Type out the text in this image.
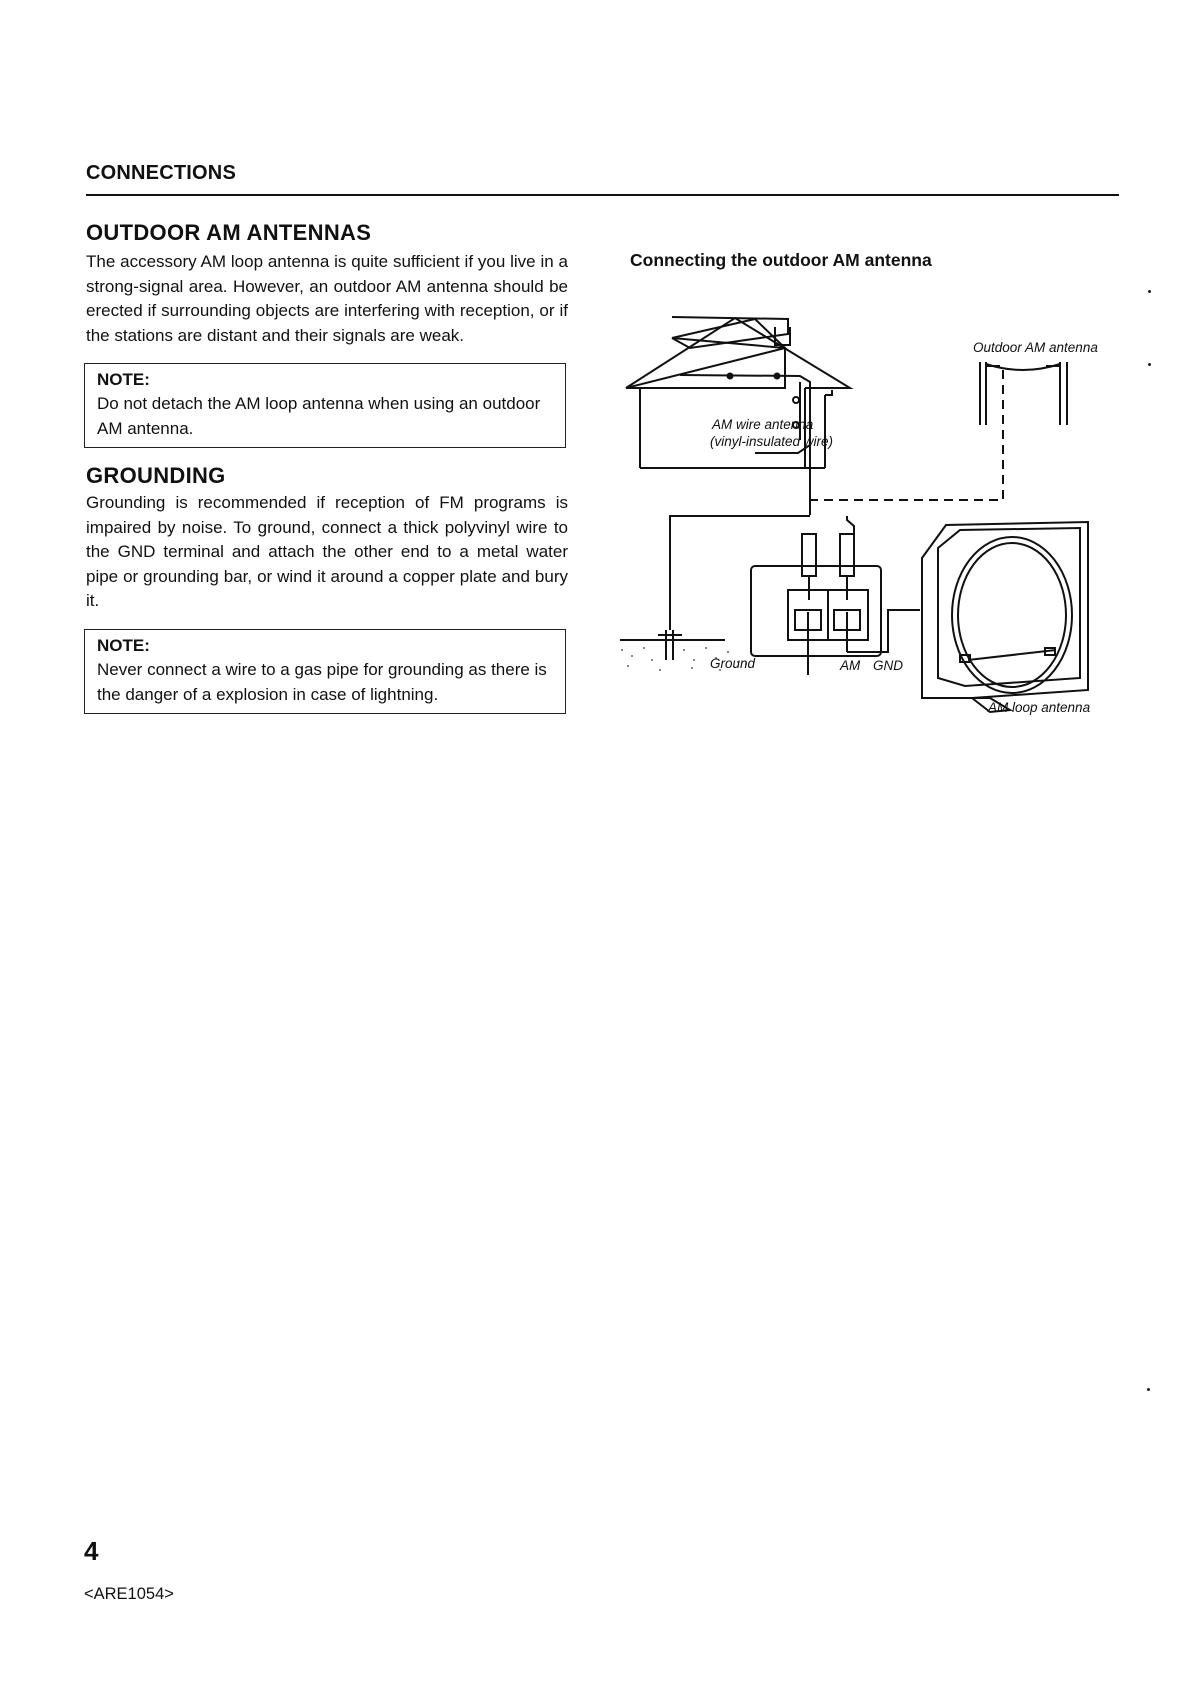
CONNECTIONS
OUTDOOR AM ANTENNAS

The accessory AM loop antenna is quite sufficient if you live in a strong-signal area. However, an outdoor AM antenna should be erected if surrounding objects are interfering with reception, or if the stations are distant and their signals are weak.

NOTE:
Do not detach the AM loop antenna when using an outdoor AM antenna.
GROUNDING

Grounding is recommended if reception of FM programs is impaired by noise. To ground, connect a thick polyvinyl wire to the GND terminal and attach the other end to a metal water pipe or grounding bar, or wind it around a copper plate and bury it.

NOTE:
Never connect a wire to a gas pipe for grounding as there is the danger of a explosion in case of lightning.
Connecting the outdoor AM antenna
Outdoor AM antenna
AM wire antenna
(vinyl-insulated wire)
Ground	AM GND
AM loop antenna
4
<ARE1054>
